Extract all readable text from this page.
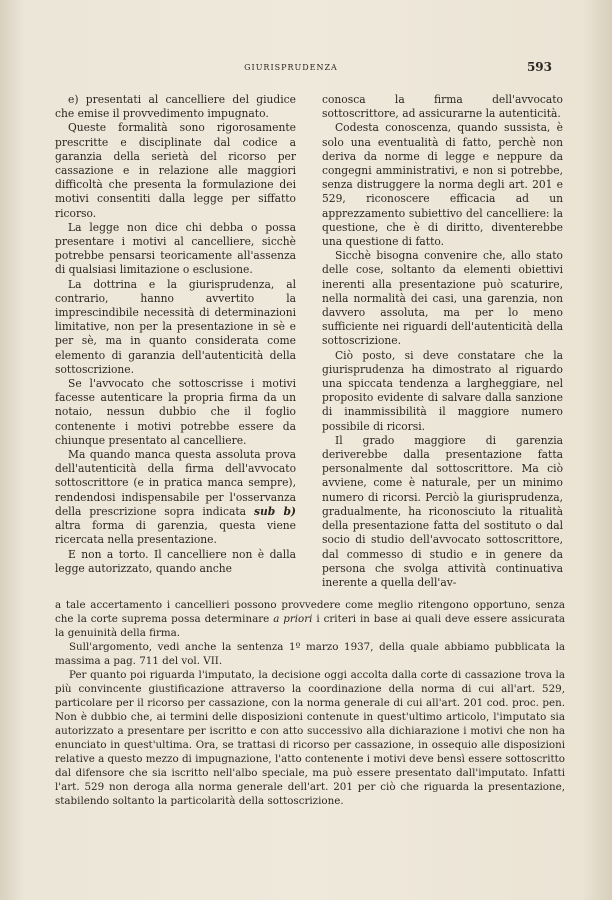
GIURISPRUDENZA	593

e) presentati al cancelliere del giudice che emise il provvedimento impugnato.

Queste formalità sono rigorosamente prescritte e disciplinate dal codice a garanzia della serietà del ricorso per cassazione e in relazione alle maggiori difficoltà che presenta la formulazione dei motivi consentiti dalla legge per siffatto ricorso.

La legge non dice chi debba o possa presentare i motivi al cancelliere, sicchè potrebbe pensarsi teoricamente all'assenza di qualsiasi limitazione o esclusione.

La dottrina e la giurisprudenza, al contrario, hanno avvertito la imprescindibile necessità di determinazioni limitative, non per la presentazione in sè e per sè, ma in quanto considerata come elemento di garanzia dell'autenticità della sottoscrizione.

Se l'avvocato che sottoscrisse i motivi facesse autenticare la propria firma da un notaio, nessun dubbio che il foglio contenente i motivi potrebbe essere da chiunque presentato al cancelliere.

Ma quando manca questa assoluta prova dell'autenticità della firma dell'avvocato sottoscrittore (e in pratica manca sempre), rendendosi indispensabile per l'osservanza della prescrizione sopra indicata sub b) altra forma di garenzia, questa viene ricercata nella presentazione.

E non a torto. Il cancelliere non è dalla legge autorizzato, quando anche

conosca la firma dell'avvocato sottoscrittore, ad assicurarne la autenticità.

Codesta conoscenza, quando sussista, è solo una eventualità di fatto, perchè non deriva da norme di legge e neppure da congegni amministrativi, e non si potrebbe, senza distruggere la norma degli art. 201 e 529, riconoscere efficacia ad un apprezzamento subiettivo del cancelliere: la questione, che è di diritto, diventerebbe una questione di fatto.

Sicchè bisogna convenire che, allo stato delle cose, soltanto da elementi obiettivi inerenti alla presentazione può scaturire, nella normalità dei casi, una garenzia, non davvero assoluta, ma per lo meno sufficiente nei riguardi dell'autenticità della sottoscrizione.

Ciò posto, si deve constatare che la giurisprudenza ha dimostrato al riguardo una spiccata tendenza a largheggiare, nel proposito evidente di salvare dalla sanzione di inammissibilità il maggiore numero possibile di ricorsi.

Il grado maggiore di garenzia deriverebbe dalla presentazione fatta personalmente dal sottoscrittore. Ma ciò avviene, come è naturale, per un minimo numero di ricorsi. Perciò la giurisprudenza, gradualmente, ha riconosciuto la ritualità della presentazione fatta del sostituto o dal socio di studio dell'avvocato sottoscrittore, dal commesso di studio e in genere da persona che svolga attività continuativa inerente a quella dell'av-

a tale accertamento i cancellieri possono provvedere come meglio ritengono opportuno, senza che la corte suprema possa determinare a priori i criteri in base ai quali deve essere assicurata la genuinità della firma.

Sull'argomento, vedi anche la sentenza 1º marzo 1937, della quale abbiamo pubblicata la massima a pag. 711 del vol. VII.

Per quanto poi riguarda l'imputato, la decisione oggi accolta dalla corte di cassazione trova la più convincente giustificazione attraverso la coordinazione della norma di cui all'art. 529, particolare per il ricorso per cassazione, con la norma generale di cui all'art. 201 cod. proc. pen. Non è dubbio che, ai termini delle disposizioni contenute in quest'ultimo articolo, l'imputato sia autorizzato a presentare per iscritto e con atto successivo alla dichiarazione i motivi che non ha enunciato in quest'ultima. Ora, se trattasi di ricorso per cassazione, in ossequio alle disposizioni relative a questo mezzo di impugnazione, l'atto contenente i motivi deve bensì essere sottoscritto dal difensore che sia iscritto nell'albo speciale, ma può essere presentato dall'imputato. Infatti l'art. 529 non deroga alla norma generale dell'art. 201 per ciò che riguarda la presentazione, stabilendo soltanto la particolarità della sottoscrizione.
